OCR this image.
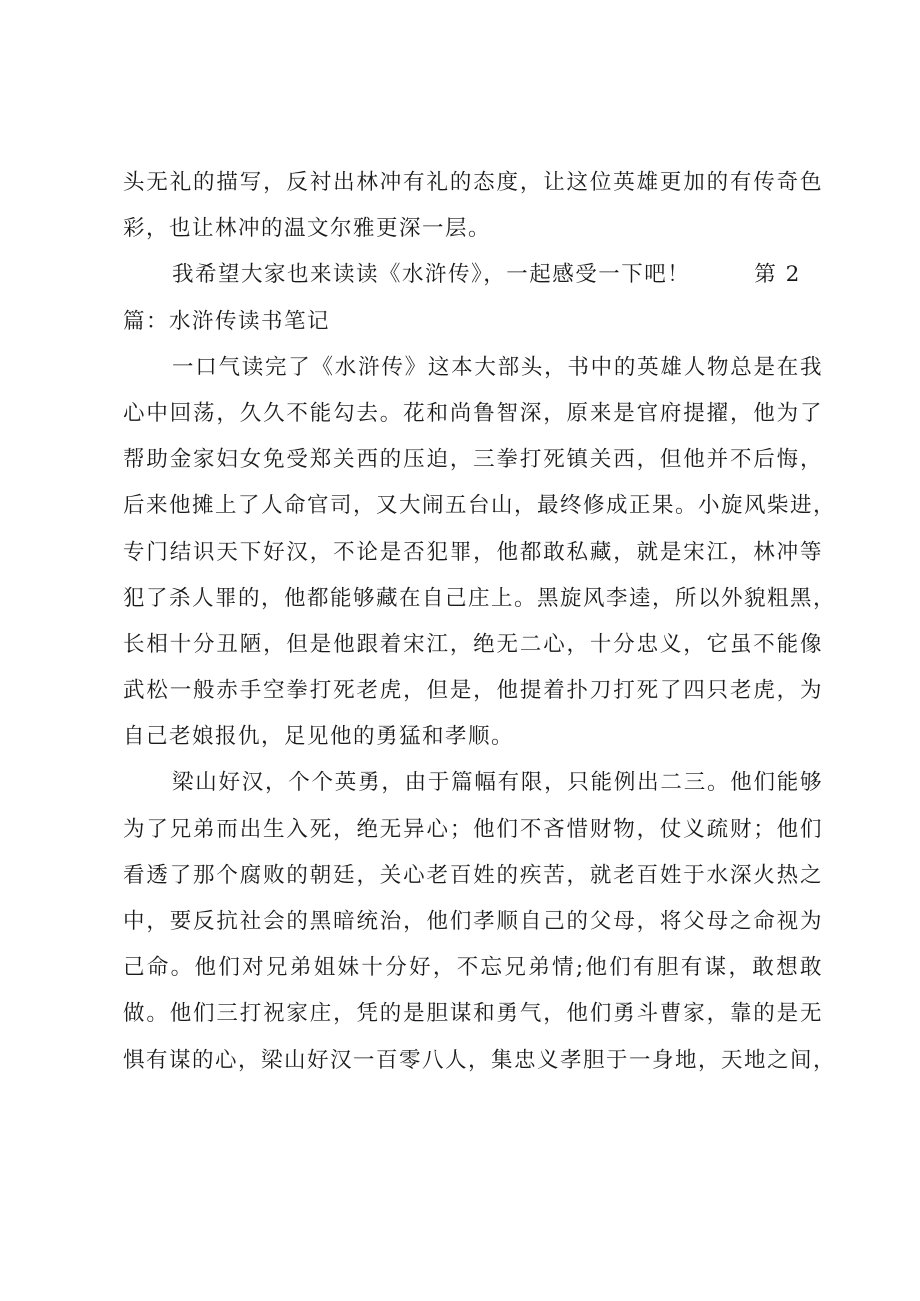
头无礼的描写，反衬出林冲有礼的态度，让这位英雄更加的有传奇色
彩，也让林冲的温文尔雅更深一层。
我希望大家也来读读《水浒传》，一起感受一下吧！	第 2
篇：水浒传读书笔记
一口气读完了《水浒传》这本大部头，书中的英雄人物总是在我
心中回荡，久久不能勾去。花和尚鲁智深，原来是官府提擢，他为了
帮助金家妇女免受郑关西的压迫，三拳打死镇关西，但他并不后悔，
后来他摊上了人命官司，又大闹五台山，最终修成正果。小旋风柴进，
专门结识天下好汉，不论是否犯罪，他都敢私藏，就是宋江，林冲等
犯了杀人罪的，他都能够藏在自己庄上。黑旋风李逵，所以外貌粗黑，
长相十分丑陋，但是他跟着宋江，绝无二心，十分忠义，它虽不能像
武松一般赤手空拳打死老虎，但是，他提着扑刀打死了四只老虎，为
自己老娘报仇，足见他的勇猛和孝顺。
梁山好汉，个个英勇，由于篇幅有限，只能例出二三。他们能够
为了兄弟而出生入死，绝无异心；他们不吝惜财物，仗义疏财；他们
看透了那个腐败的朝廷，关心老百姓的疾苦，就老百姓于水深火热之
中，要反抗社会的黑暗统治，他们孝顺自己的父母，将父母之命视为
己命。他们对兄弟姐妹十分好，不忘兄弟情;他们有胆有谋，敢想敢
做。他们三打祝家庄，凭的是胆谋和勇气，他们勇斗曹家，靠的是无
惧有谋的心，梁山好汉一百零八人，集忠义孝胆于一身地，天地之间，
